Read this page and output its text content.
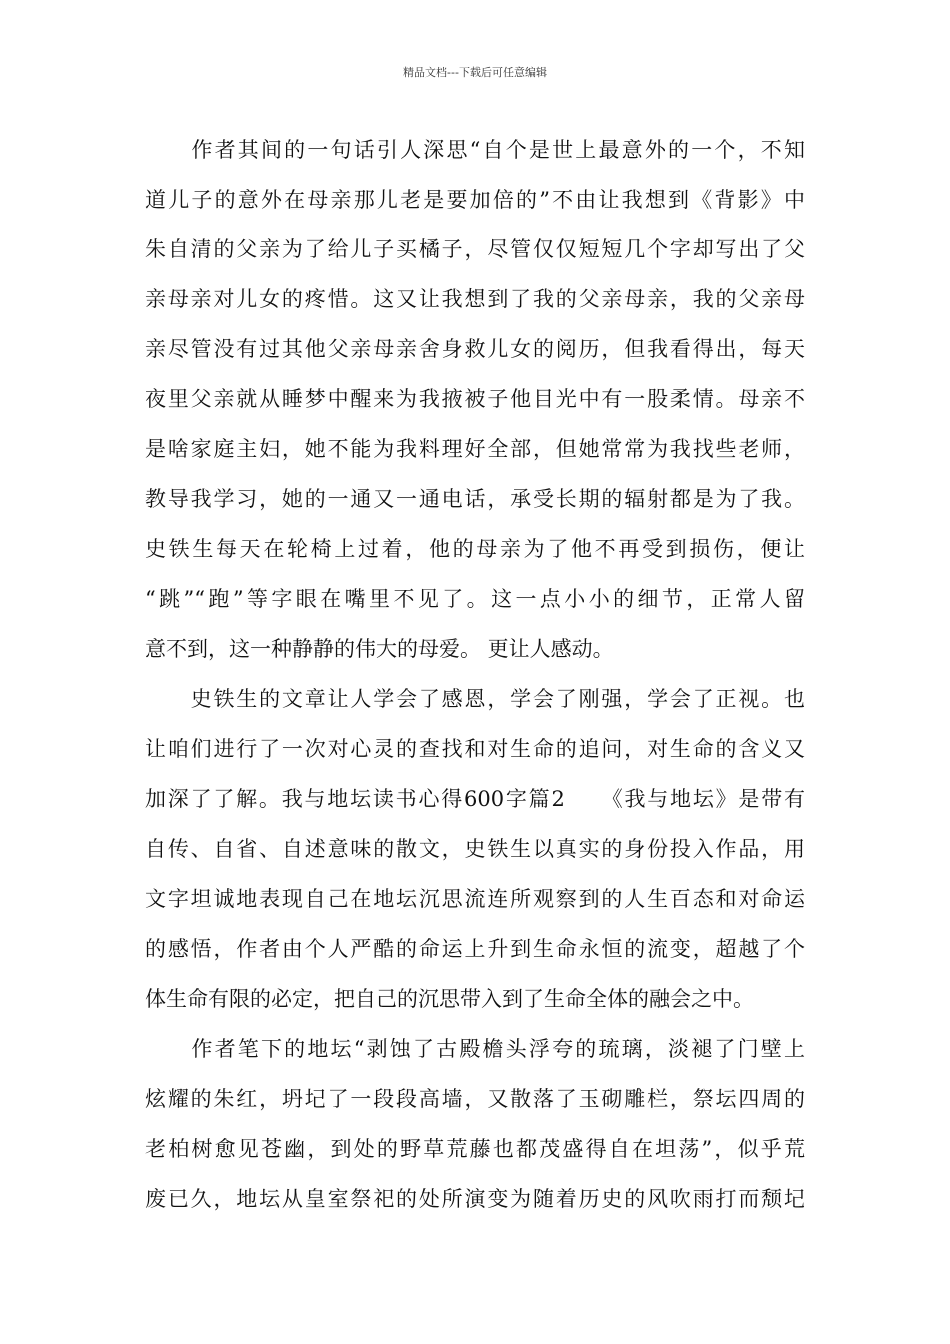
精品文档---下载后可任意编辑
　　作者其间的一句话引人深思“自个是世上最意外的一个，不知
道儿子的意外在母亲那儿老是要加倍的”不由让我想到《背影》中
朱自清的父亲为了给儿子买橘子，尽管仅仅短短几个字却写出了父
亲母亲对儿女的疼惜。这又让我想到了我的父亲母亲，我的父亲母
亲尽管没有过其他父亲母亲舍身救儿女的阅历，但我看得出，每天
夜里父亲就从睡梦中醒来为我掖被子他目光中有一股柔情。母亲不
是啥家庭主妇，她不能为我料理好全部，但她常常为我找些老师，
教导我学习，她的一通又一通电话，承受长期的辐射都是为了我。
史铁生每天在轮椅上过着，他的母亲为了他不再受到损伤，便让
“跳”“跑”等字眼在嘴里不见了。这一点小小的细节，正常人留
意不到，这一种静静的伟大的母爱。 更让人感动。
　　史铁生的文章让人学会了感恩，学会了刚强，学会了正视。也
让咱们进行了一次对心灵的查找和对生命的追问，对生命的含义又
加深了了解。我与地坛读书心得600字篇2　　《我与地坛》是带有
自传、自省、自述意味的散文，史铁生以真实的身份投入作品，用
文字坦诚地表现自己在地坛沉思流连所观察到的人生百态和对命运
的感悟，作者由个人严酷的命运上升到生命永恒的流变，超越了个
体生命有限的必定，把自己的沉思带入到了生命全体的融会之中。
　　作者笔下的地坛“剥蚀了古殿檐头浮夸的琉璃，淡褪了门壁上
炫耀的朱红，坍圮了一段段高墙，又散落了玉砌雕栏，祭坛四周的
老柏树愈见苍幽，到处的野草荒藤也都茂盛得自在坦荡”，似乎荒
废已久，地坛从皇室祭祀的处所演变为随着历史的风吹雨打而颓圮
